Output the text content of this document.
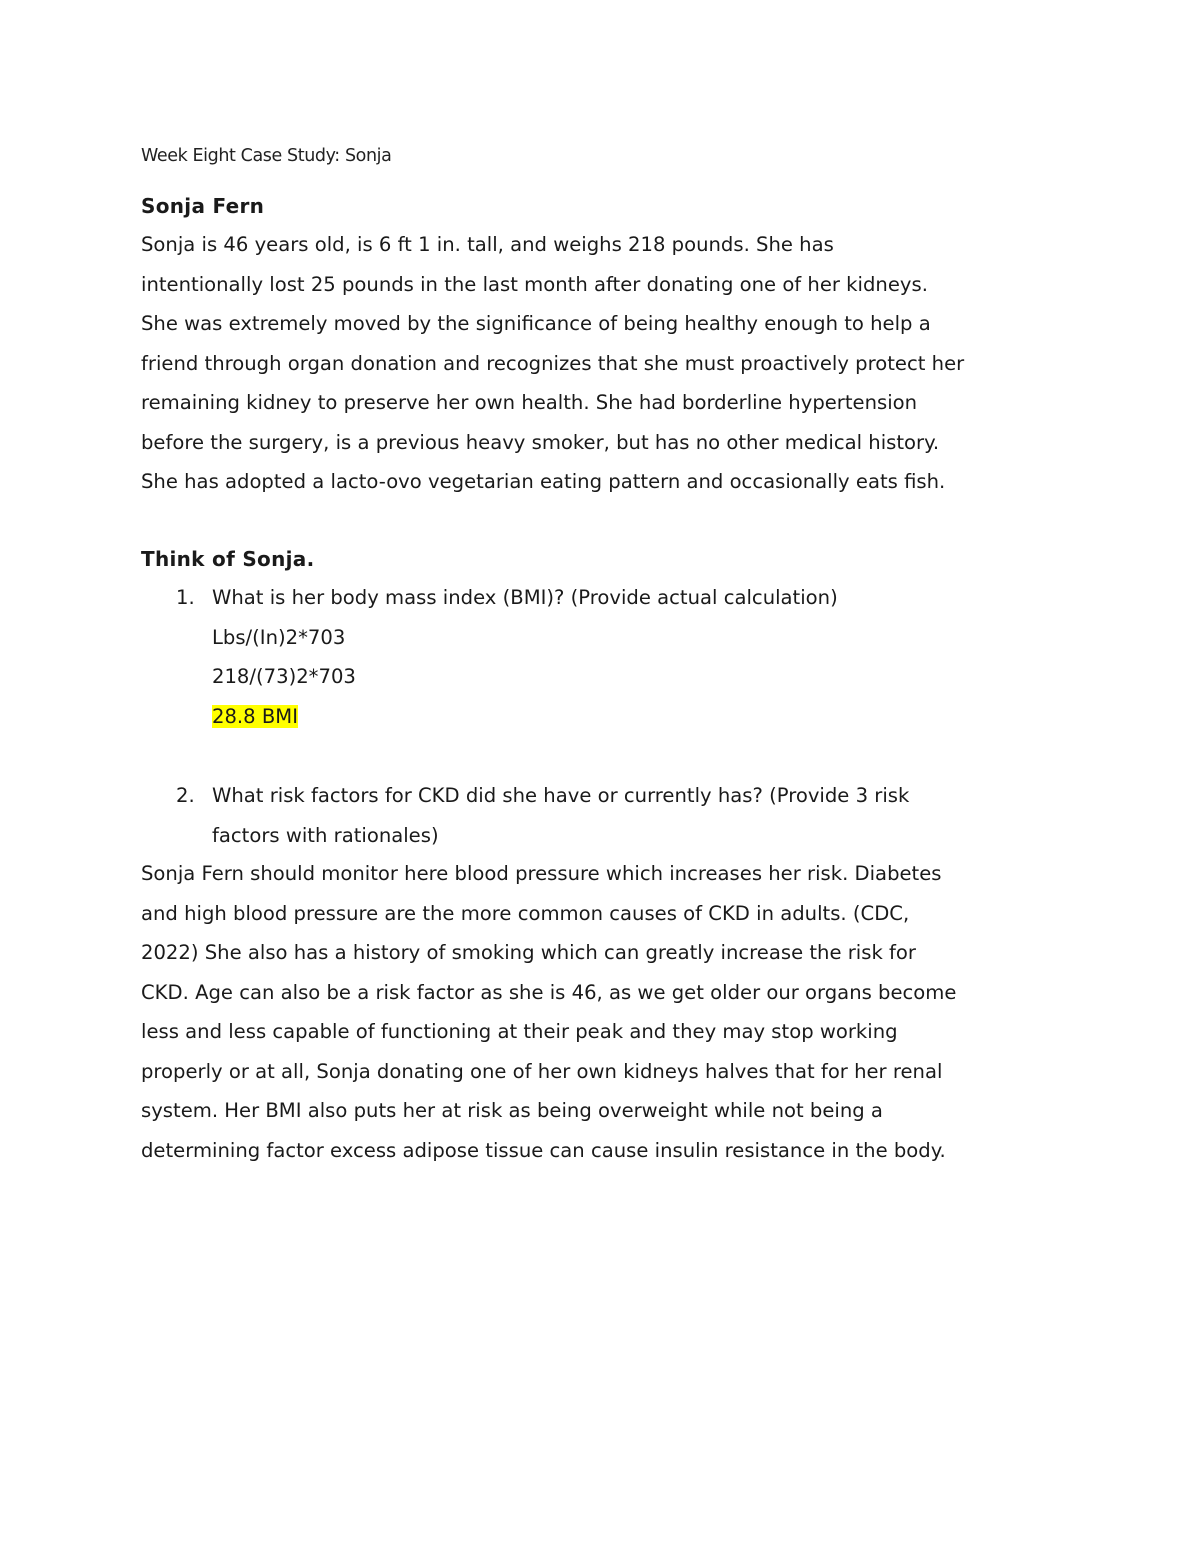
Week Eight Case Study: Sonja
Sonja Fern
Sonja is 46 years old, is 6 ft 1 in. tall, and weighs 218 pounds. She has
intentionally lost 25 pounds in the last month after donating one of her kidneys.
She was extremely moved by the significance of being healthy enough to help a
friend through organ donation and recognizes that she must proactively protect her
remaining kidney to preserve her own health. She had borderline hypertension
before the surgery, is a previous heavy smoker, but has no other medical history.
She has adopted a lacto-ovo vegetarian eating pattern and occasionally eats fish.
Think of Sonja.
1. What is her body mass index (BMI)? (Provide actual calculation)
Lbs/(In)2*703
218/(73)2*703
28.8 BMI
2. What risk factors for CKD did she have or currently has? (Provide 3 risk
factors with rationales)
Sonja Fern should monitor here blood pressure which increases her risk. Diabetes
and high blood pressure are the more common causes of CKD in adults. (CDC,
2022) She also has a history of smoking which can greatly increase the risk for
CKD. Age can also be a risk factor as she is 46, as we get older our organs become
less and less capable of functioning at their peak and they may stop working
properly or at all, Sonja donating one of her own kidneys halves that for her renal
system. Her BMI also puts her at risk as being overweight while not being a
determining factor excess adipose tissue can cause insulin resistance in the body.
